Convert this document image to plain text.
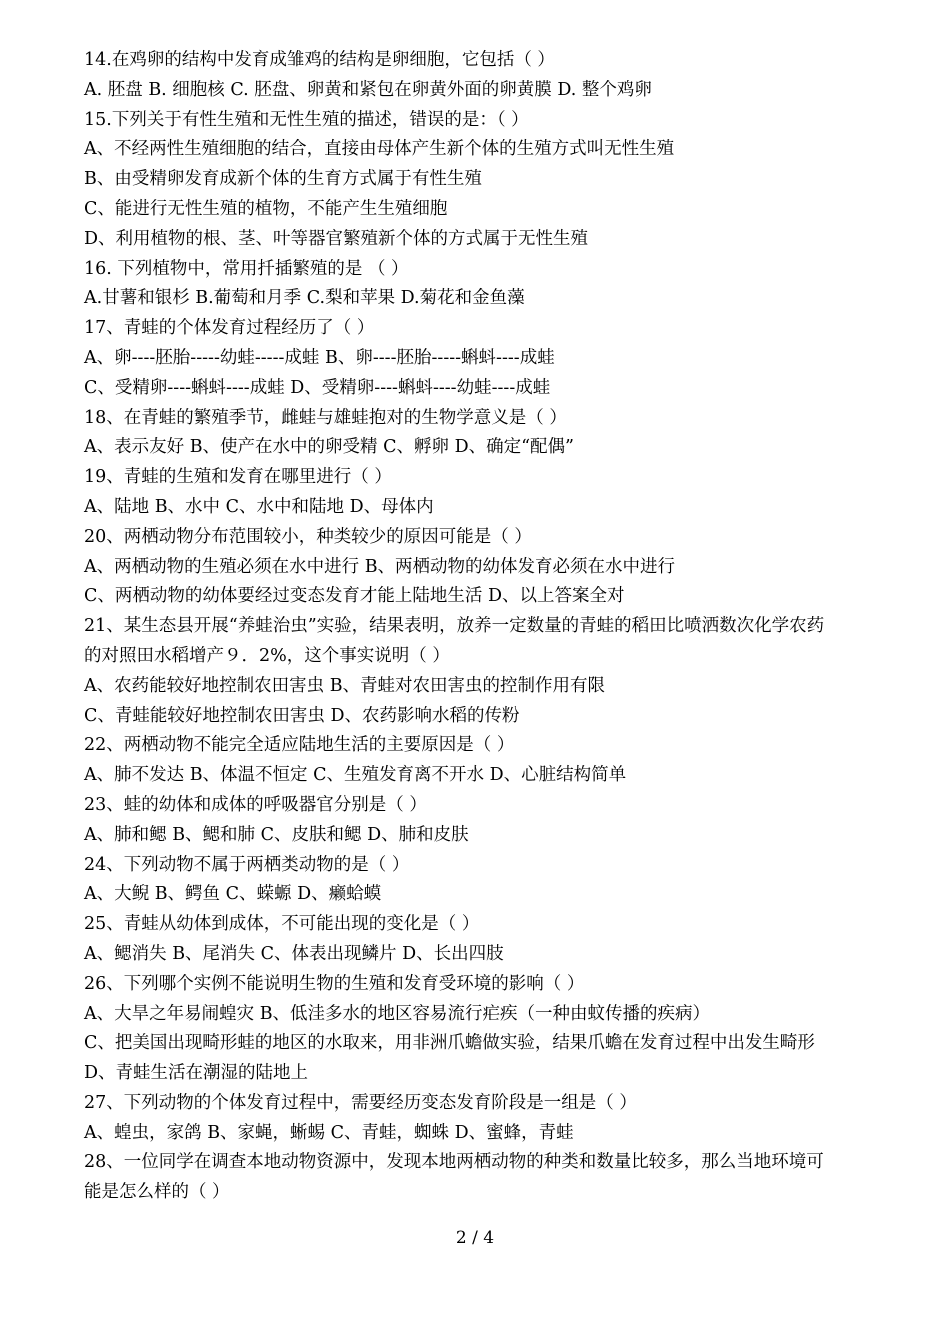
14.在鸡卵的结构中发育成雏鸡的结构是卵细胞，它包括（ ）
A. 胚盘 B. 细胞核 C. 胚盘、卵黄和紧包在卵黄外面的卵黄膜 D. 整个鸡卵
15.下列关于有性生殖和无性生殖的描述，错误的是：（ ）
A、不经两性生殖细胞的结合，直接由母体产生新个体的生殖方式叫无性生殖
B、由受精卵发育成新个体的生育方式属于有性生殖
C、能进行无性生殖的植物，不能产生生殖细胞
D、利用植物的根、茎、叶等器官繁殖新个体的方式属于无性生殖
16. 下列植物中，常用扦插繁殖的是 （ ）
A.甘薯和银杉 B.葡萄和月季 C.梨和苹果 D.菊花和金鱼藻
17、青蛙的个体发育过程经历了（ ）
A、卵----胚胎-----幼蛙-----成蛙 B、卵----胚胎-----蝌蚪----成蛙
C、受精卵----蝌蚪----成蛙 D、受精卵----蝌蚪----幼蛙----成蛙
18、在青蛙的繁殖季节，雌蛙与雄蛙抱对的生物学意义是（ ）
A、表示友好 B、使产在水中的卵受精 C、孵卵 D、确定“配偶”
19、青蛙的生殖和发育在哪里进行（ ）
A、陆地 B、水中 C、水中和陆地 D、母体内
20、两栖动物分布范围较小，种类较少的原因可能是（ ）
A、两栖动物的生殖必须在水中进行 B、两栖动物的幼体发育必须在水中进行
C、两栖动物的幼体要经过变态发育才能上陆地生活 D、以上答案全对
21、某生态县开展“养蛙治虫”实验，结果表明，放养一定数量的青蛙的稻田比喷洒数次化学农药
的对照田水稻增产９．2%，这个事实说明（ ）
A、农药能较好地控制农田害虫 B、青蛙对农田害虫的控制作用有限
C、青蛙能较好地控制农田害虫 D、农药影响水稻的传粉
22、两栖动物不能完全适应陆地生活的主要原因是（ ）
A、肺不发达 B、体温不恒定 C、生殖发育离不开水 D、心脏结构简单
23、蛙的幼体和成体的呼吸器官分别是（ ）
A、肺和鳃 B、鳃和肺 C、皮肤和鳃 D、肺和皮肤
24、下列动物不属于两栖类动物的是（ ）
A、大鲵 B、鳄鱼 C、蝾螈 D、癞蛤蟆
25、青蛙从幼体到成体，不可能出现的变化是（ ）
A、鳃消失 B、尾消失 C、体表出现鳞片 D、长出四肢
26、下列哪个实例不能说明生物的生殖和发育受环境的影响（ ）
A、大旱之年易闹蝗灾 B、低洼多水的地区容易流行疟疾（一种由蚊传播的疾病）
C、把美国出现畸形蛙的地区的水取来，用非洲爪蟾做实验，结果爪蟾在发育过程中出发生畸形
D、青蛙生活在潮湿的陆地上
27、下列动物的个体发育过程中，需要经历变态发育阶段是一组是（ ）
A、蝗虫，家鸽 B、家蝇，蜥蜴 C、青蛙，蜘蛛 D、蜜蜂，青蛙
28、一位同学在调查本地动物资源中，发现本地两栖动物的种类和数量比较多，那么当地环境可
能是怎么样的（ ）
2 / 4
